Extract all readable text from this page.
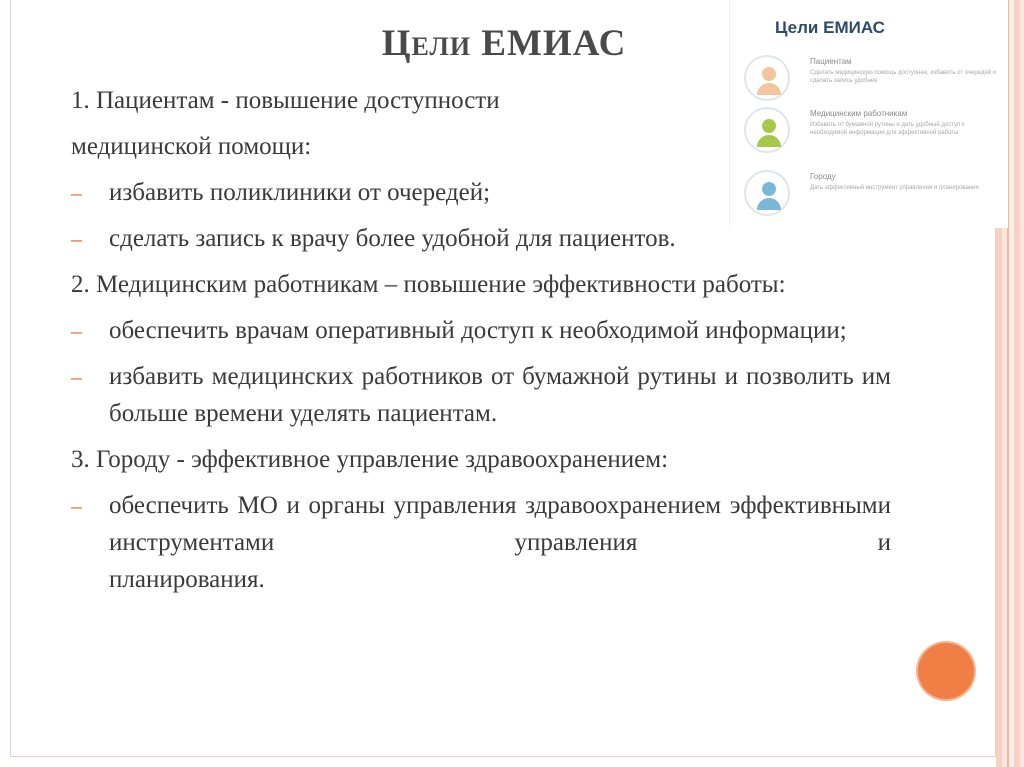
Цели ЕМИАС	Цели ЕМИАС
Пациентам
Сделать медицинскую помощь доступнее, избавить от очередей и сделать запись удобнее
Медицинским работникам
Избавить от бумажной рутины и дать удобный доступ к необходимой информации для эффективной работы
Городу
Дать эффективный инструмент управления и планирования

1. Пациентам - повышение доступности

медицинской помощи:

– избавить поликлиники от очередей;
– сделать запись к врачу более удобной для пациентов.

2. Медицинским работникам – повышение эффективности работы:

– обеспечить врачам оперативный доступ к необходимой информации;
– избавить медицинских работников от бумажной рутины и позволить им больше времени уделять пациентам.

3. Городу - эффективное управление здравоохранением:

– обеспечить МО и органы управления здравоохранением эффективными инструментами управления и
планирования.
